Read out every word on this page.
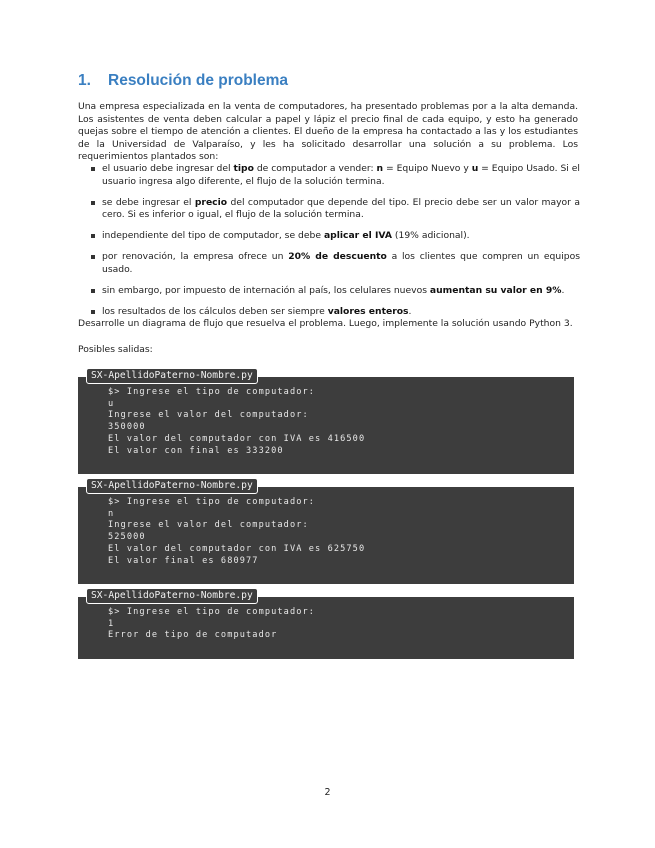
1. Resolución de problema

Una empresa especializada en la venta de computadores, ha presentado problemas por a la alta demanda. Los asistentes de venta deben calcular a papel y lápiz el precio final de cada equipo, y esto ha generado quejas sobre el tiempo de atención a clientes. El dueño de la empresa ha contactado a las y los estudiantes de la Universidad de Valparaíso, y les ha solicitado desarrollar una solución a su problema. Los requerimientos plantados son:

el usuario debe ingresar del tipo de computador a vender: n = Equipo Nuevo y u = Equipo Usado. Si el usuario ingresa algo diferente, el flujo de la solución termina.
se debe ingresar el precio del computador que depende del tipo. El precio debe ser un valor mayor a cero. Si es inferior o igual, el flujo de la solución termina.
independiente del tipo de computador, se debe aplicar el IVA (19% adicional).
por renovación, la empresa ofrece un 20% de descuento a los clientes que compren un equipos usado.
sin embargo, por impuesto de internación al país, los celulares nuevos aumentan su valor en 9%.
los resultados de los cálculos deben ser siempre valores enteros.

Desarrolle un diagrama de flujo que resuelva el problema. Luego, implemente la solución usando Python 3.

Posibles salidas:

SX-ApellidoPaterno-Nombre.py
$> Ingrese el tipo de computador:
u
Ingrese el valor del computador:
350000
El valor del computador con IVA es 416500
El valor con final es 333200
SX-ApellidoPaterno-Nombre.py
$> Ingrese el tipo de computador:
n
Ingrese el valor del computador:
525000
El valor del computador con IVA es 625750
El valor final es 680977
SX-ApellidoPaterno-Nombre.py
$> Ingrese el tipo de computador:
1
Error de tipo de computador
2
